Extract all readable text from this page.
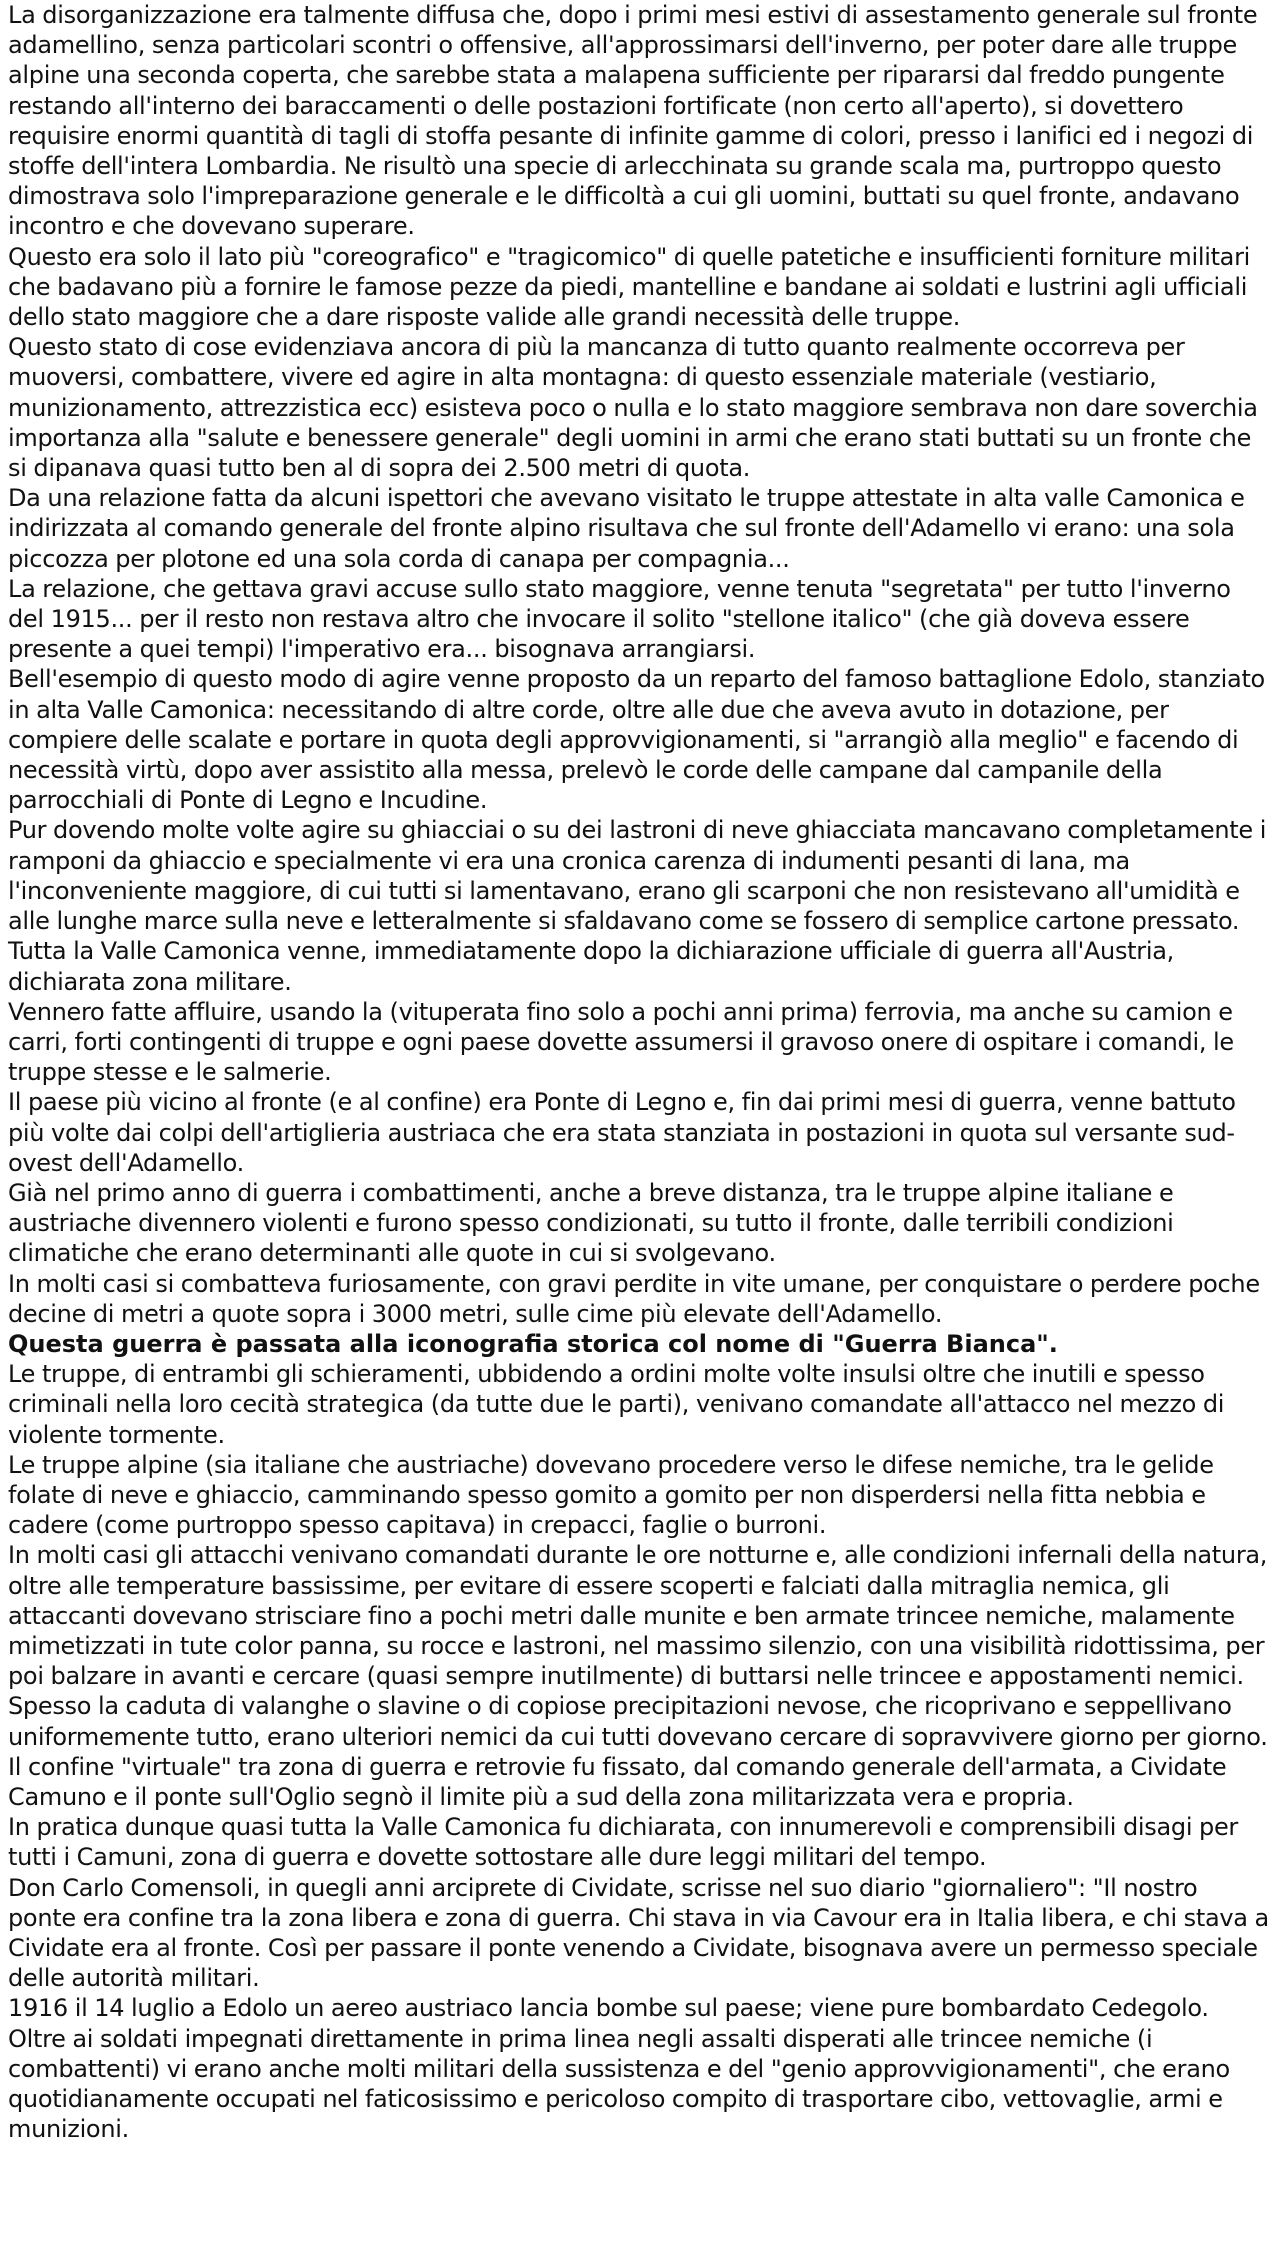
La disorganizzazione era talmente diffusa che, dopo i primi mesi estivi di assestamento generale sul fronte adamellino, senza particolari scontri o offensive, all'approssimarsi dell'inverno, per poter dare alle truppe alpine una seconda coperta, che sarebbe stata a malapena sufficiente per ripararsi dal freddo pungente restando all'interno dei baraccamenti o delle postazioni fortificate (non certo all'aperto), si dovettero requisire enormi quantità di tagli di stoffa pesante di infinite gamme di colori, presso i lanifici ed i negozi di stoffe dell'intera Lombardia. Ne risultò una specie di arlecchinata su grande scala ma, purtroppo questo dimostrava solo l'impreparazione generale e le difficoltà a cui gli uomini, buttati su quel fronte, andavano incontro e che dovevano superare.

Questo era solo il lato più "coreografico" e "tragicomico" di quelle patetiche e insufficienti forniture militari che badavano più a fornire le famose pezze da piedi, mantelline e bandane ai soldati e lustrini agli ufficiali dello stato maggiore che a dare risposte valide alle grandi necessità delle truppe.

Questo stato di cose evidenziava ancora di più la mancanza di tutto quanto realmente occorreva per muoversi, combattere, vivere ed agire in alta montagna: di questo essenziale materiale (vestiario, munizionamento, attrezzistica ecc) esisteva poco o nulla e lo stato maggiore sembrava non dare soverchia importanza alla "salute e benessere generale" degli uomini in armi che erano stati buttati su un fronte che si dipanava quasi tutto ben al di sopra dei 2.500 metri di quota.

Da una relazione fatta da alcuni ispettori che avevano visitato le truppe attestate in alta valle Camonica e indirizzata al comando generale del fronte alpino risultava che sul fronte dell'Adamello vi erano: una sola piccozza per plotone ed una sola corda di canapa per compagnia...

La relazione, che gettava gravi accuse sullo stato maggiore, venne tenuta "segretata" per tutto l'inverno del 1915... per il resto non restava altro che invocare il solito "stellone italico" (che già doveva essere presente a quei tempi) l'imperativo era... bisognava arrangiarsi.

Bell'esempio di questo modo di agire venne proposto da un reparto del famoso battaglione Edolo, stanziato in alta Valle Camonica: necessitando di altre corde, oltre alle due che aveva avuto in dotazione, per compiere delle scalate e portare in quota degli approvvigionamenti, si "arrangiò alla meglio" e facendo di necessità virtù, dopo aver assistito alla messa, prelevò le corde delle campane dal campanile della parrocchiali di Ponte di Legno e Incudine.

Pur dovendo molte volte agire su ghiacciai o su dei lastroni di neve ghiacciata mancavano completamente i ramponi da ghiaccio e specialmente vi era una cronica carenza di indumenti pesanti di lana, ma l'inconveniente maggiore, di cui tutti si lamentavano, erano gli scarponi che non resistevano all'umidità e alle lunghe marce sulla neve e letteralmente si sfaldavano come se fossero di semplice cartone pressato.

Tutta la Valle Camonica venne, immediatamente dopo la dichiarazione ufficiale di guerra all'Austria, dichiarata zona militare.

Vennero fatte affluire, usando la (vituperata fino solo a pochi anni prima) ferrovia, ma anche su camion e carri, forti contingenti di truppe e ogni paese dovette assumersi il gravoso onere di ospitare i comandi, le truppe stesse e le salmerie.

Il paese più vicino al fronte (e al confine) era Ponte di Legno e, fin dai primi mesi di guerra, venne battuto più volte dai colpi dell'artiglieria austriaca che era stata stanziata in postazioni in quota sul versante sud-ovest dell'Adamello.

Già nel primo anno di guerra i combattimenti, anche a breve distanza, tra le truppe alpine italiane e austriache divennero violenti e furono spesso condizionati, su tutto il fronte, dalle terribili condizioni climatiche che erano determinanti alle quote in cui si svolgevano.

In molti casi si combatteva furiosamente, con gravi perdite in vite umane, per conquistare o perdere poche decine di metri a quote sopra i 3000 metri, sulle cime più elevate dell'Adamello.

Questa guerra è passata alla iconografia storica col nome di "Guerra Bianca".

Le truppe, di entrambi gli schieramenti, ubbidendo a ordini molte volte insulsi oltre che inutili e spesso criminali nella loro cecità strategica (da tutte due le parti), venivano comandate all'attacco nel mezzo di violente tormente.

Le truppe alpine (sia italiane che austriache) dovevano procedere verso le difese nemiche, tra le gelide folate di neve e ghiaccio, camminando spesso gomito a gomito per non disperdersi nella fitta nebbia e cadere (come purtroppo spesso capitava) in crepacci, faglie o burroni.

In molti casi gli attacchi venivano comandati durante le ore notturne e, alle condizioni infernali della natura, oltre alle temperature bassissime, per evitare di essere scoperti e falciati dalla mitraglia nemica, gli attaccanti dovevano strisciare fino a pochi metri dalle munite e ben armate trincee nemiche, malamente mimetizzati in tute color panna, su rocce e lastroni, nel massimo silenzio, con una visibilità ridottissima, per poi balzare in avanti e cercare (quasi sempre inutilmente) di buttarsi nelle trincee e appostamenti nemici.

Spesso la caduta di valanghe o slavine o di copiose precipitazioni nevose, che ricoprivano e seppellivano uniformemente tutto, erano ulteriori nemici da cui tutti dovevano cercare di sopravvivere giorno per giorno.

Il confine "virtuale" tra zona di guerra e retrovie fu fissato, dal comando generale dell'armata, a Cividate Camuno e il ponte sull'Oglio segnò il limite più a sud della zona militarizzata vera e propria.

In pratica dunque quasi tutta la Valle Camonica fu dichiarata, con innumerevoli e comprensibili disagi per tutti i Camuni, zona di guerra e dovette sottostare alle dure leggi militari del tempo.

Don Carlo Comensoli, in quegli anni arciprete di Cividate, scrisse nel suo diario "giornaliero": "Il nostro ponte era confine tra la zona libera e zona di guerra. Chi stava in via Cavour era in Italia libera, e chi stava a Cividate era al fronte. Così per passare il ponte venendo a Cividate, bisognava avere un permesso speciale delle autorità militari.

1916 il 14 luglio a Edolo un aereo austriaco lancia bombe sul paese; viene pure bombardato Cedegolo.

Oltre ai soldati impegnati direttamente in prima linea negli assalti disperati alle trincee nemiche (i combattenti) vi erano anche molti militari della sussistenza e del "genio approvvigionamenti", che erano quotidianamente occupati nel faticosissimo e pericoloso compito di trasportare cibo, vettovaglie, armi e munizioni.
